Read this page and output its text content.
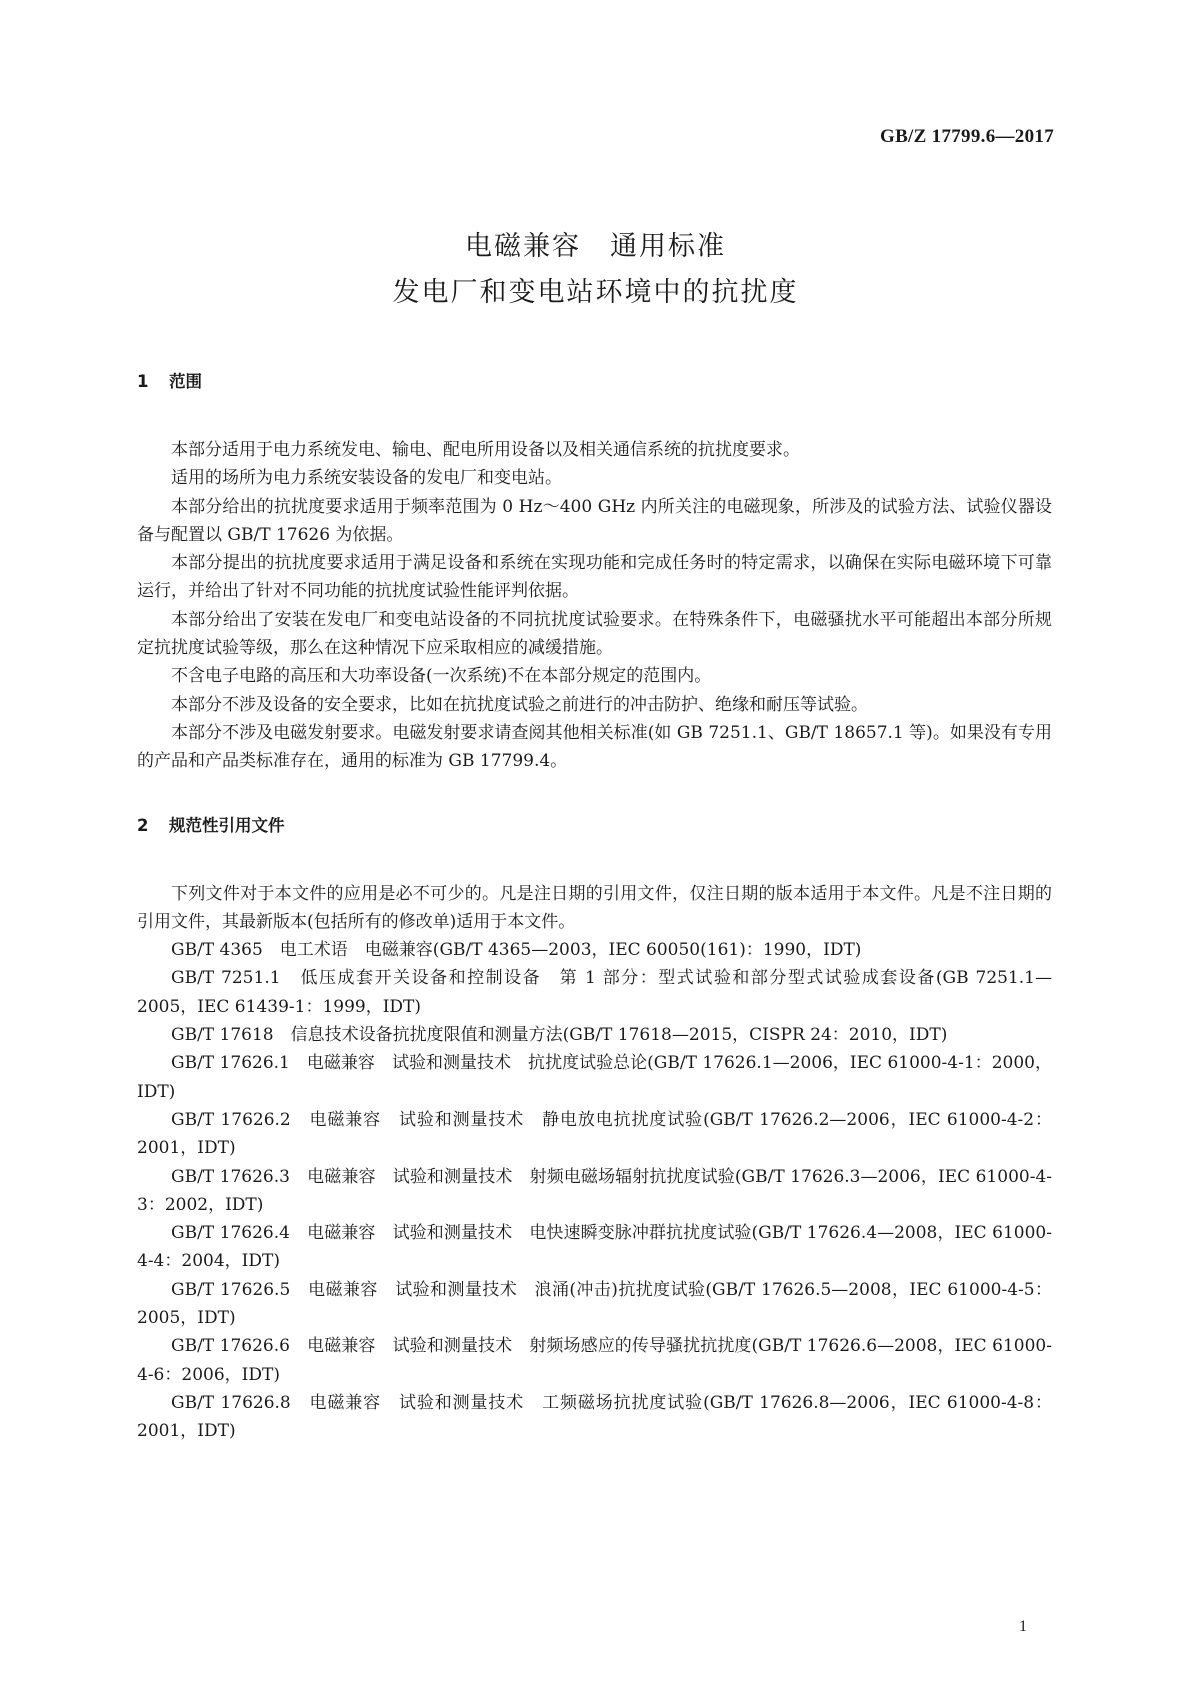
GB/Z 17799.6—2017
电磁兼容　通用标准
发电厂和变电站环境中的抗扰度
1 范围

本部分适用于电力系统发电、输电、配电所用设备以及相关通信系统的抗扰度要求。

适用的场所为电力系统安装设备的发电厂和变电站。

本部分给出的抗扰度要求适用于频率范围为 0 Hz～400 GHz 内所关注的电磁现象，所涉及的试验方法、试验仪器设备与配置以 GB/T 17626 为依据。

本部分提出的抗扰度要求适用于满足设备和系统在实现功能和完成任务时的特定需求，以确保在实际电磁环境下可靠运行，并给出了针对不同功能的抗扰度试验性能评判依据。

本部分给出了安装在发电厂和变电站设备的不同抗扰度试验要求。在特殊条件下，电磁骚扰水平可能超出本部分所规定抗扰度试验等级，那么在这种情况下应采取相应的减缓措施。

不含电子电路的高压和大功率设备(一次系统)不在本部分规定的范围内。

本部分不涉及设备的安全要求，比如在抗扰度试验之前进行的冲击防护、绝缘和耐压等试验。

本部分不涉及电磁发射要求。电磁发射要求请查阅其他相关标准(如 GB 7251.1、GB/T 18657.1 等)。如果没有专用的产品和产品类标准存在，通用的标准为 GB 17799.4。

2 规范性引用文件

下列文件对于本文件的应用是必不可少的。凡是注日期的引用文件，仅注日期的版本适用于本文件。凡是不注日期的引用文件，其最新版本(包括所有的修改单)适用于本文件。

GB/T 4365　电工术语　电磁兼容(GB/T 4365—2003，IEC 60050(161)：1990，IDT)

GB/T 7251.1　低压成套开关设备和控制设备　第 1 部分：型式试验和部分型式试验成套设备(GB 7251.1—2005，IEC 61439-1：1999，IDT)

GB/T 17618　信息技术设备抗扰度限值和测量方法(GB/T 17618—2015，CISPR 24：2010，IDT)

GB/T 17626.1　电磁兼容　试验和测量技术　抗扰度试验总论(GB/T 17626.1—2006，IEC 61000-4-1：2000，IDT)

GB/T 17626.2　电磁兼容　试验和测量技术　静电放电抗扰度试验(GB/T 17626.2—2006，IEC 61000-4-2：2001，IDT)

GB/T 17626.3　电磁兼容　试验和测量技术　射频电磁场辐射抗扰度试验(GB/T 17626.3—2006，IEC 61000-4-3：2002，IDT)

GB/T 17626.4　电磁兼容　试验和测量技术　电快速瞬变脉冲群抗扰度试验(GB/T 17626.4—2008，IEC 61000-4-4：2004，IDT)

GB/T 17626.5　电磁兼容　试验和测量技术　浪涌(冲击)抗扰度试验(GB/T 17626.5—2008，IEC 61000-4-5：2005，IDT)

GB/T 17626.6　电磁兼容　试验和测量技术　射频场感应的传导骚扰抗扰度(GB/T 17626.6—2008，IEC 61000-4-6：2006，IDT)

GB/T 17626.8　电磁兼容　试验和测量技术　工频磁场抗扰度试验(GB/T 17626.8—2006，IEC 61000-4-8：2001，IDT)

1
